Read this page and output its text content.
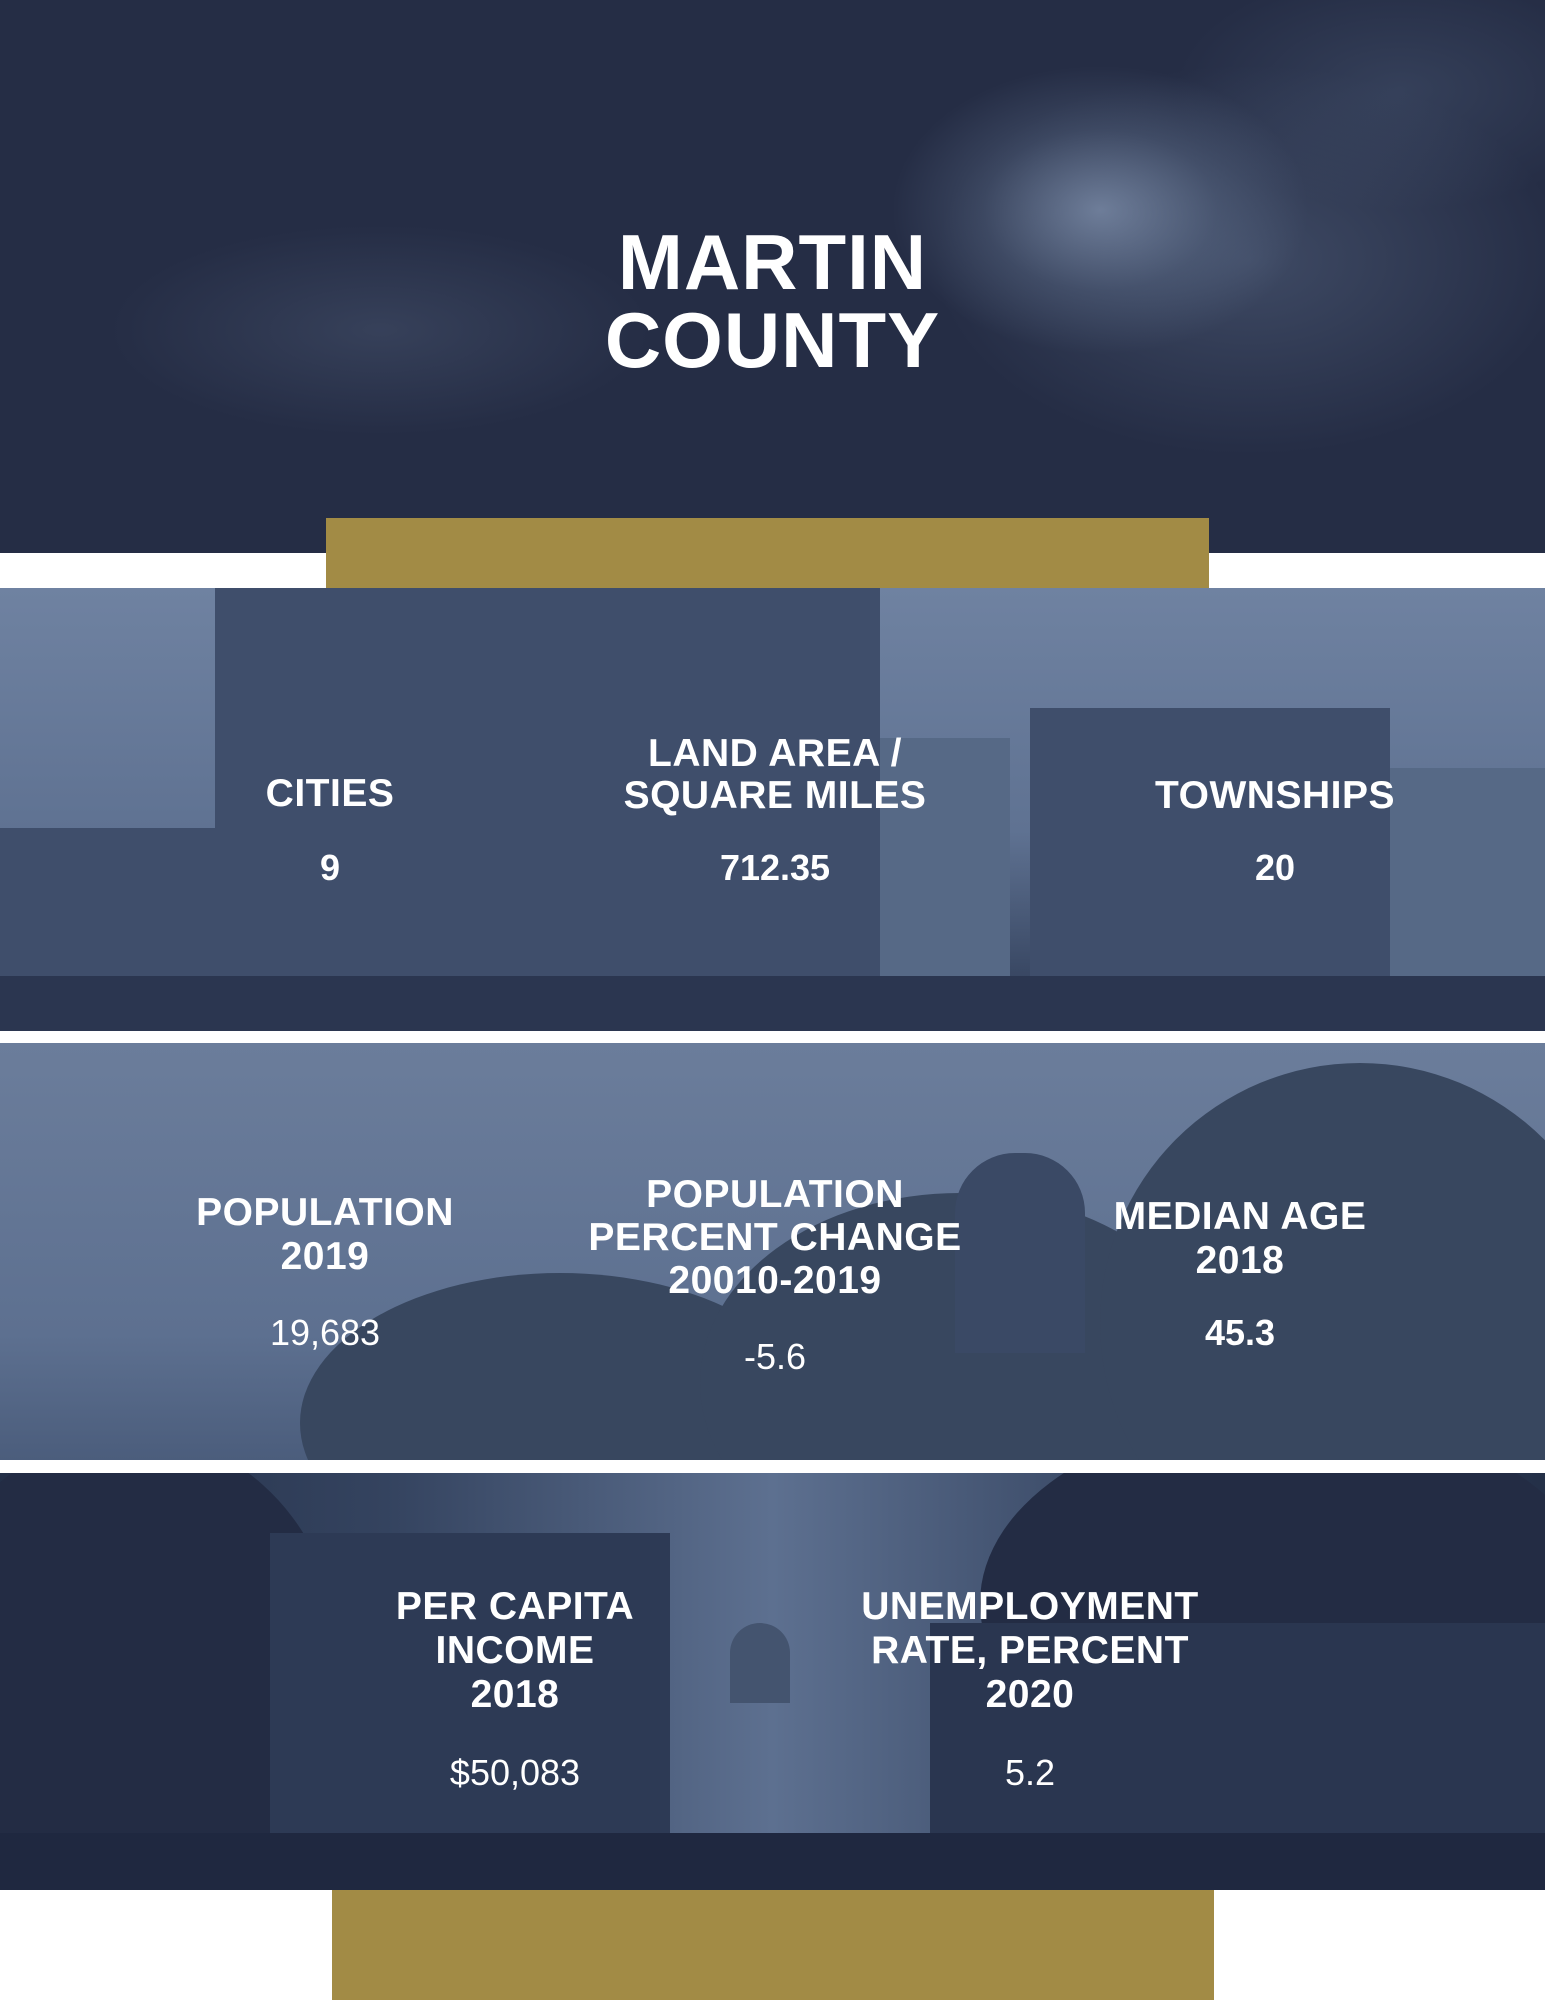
MARTIN
COUNTY
CITIES
9
LAND AREA /
SQUARE MILES
712.35
TOWNSHIPS
20
POPULATION
2019
19,683
POPULATION
PERCENT CHANGE
20010-2019
-5.6
MEDIAN AGE
2018
45.3
PER CAPITA
INCOME
2018
$50,083
UNEMPLOYMENT
RATE, PERCENT
2020
5.2
